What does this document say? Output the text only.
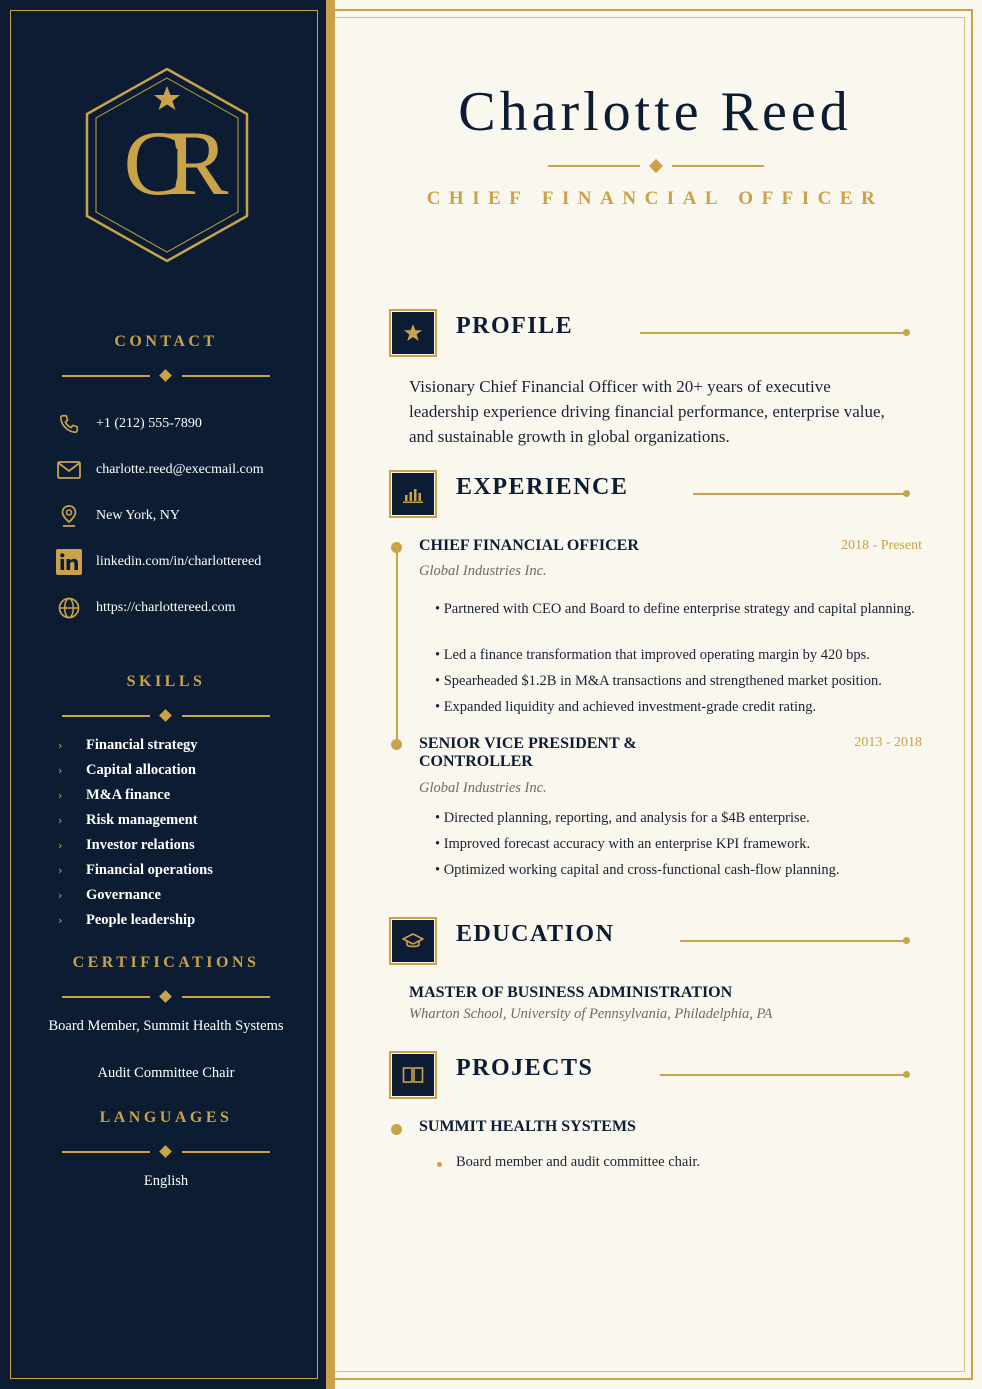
CR
CONTACT
+1 (212) 555-7890
charlotte.reed@execmail.com
New York, NY
linkedin.com/in/charlottereed
https://charlottereed.com
SKILLS
›	Financial strategy
›	Capital allocation
›	M&A finance
›	Risk management
›	Investor relations
›	Financial operations
›	Governance
›	People leadership
CERTIFICATIONS
Board Member, Summit Health Systems
Audit Committee Chair
LANGUAGES
English
Charlotte Reed
CHIEF FINANCIAL OFFICER
PROFILE
Visionary Chief Financial Officer with 20+ years of executive leadership experience driving financial performance, enterprise value, and sustainable growth in global organizations.
EXPERIENCE
CHIEF FINANCIAL OFFICER	2018 - Present
Global Industries Inc.
• Partnered with CEO and Board to define enterprise strategy and capital planning.
• Led a finance transformation that improved operating margin by 420 bps.
• Spearheaded $1.2B in M&A transactions and strengthened market position.
• Expanded liquidity and achieved investment-grade credit rating.
SENIOR VICE PRESIDENT & CONTROLLER
2013 - 2018
Global Industries Inc.
• Directed planning, reporting, and analysis for a $4B enterprise.
• Improved forecast accuracy with an enterprise KPI framework.
• Optimized working capital and cross-functional cash-flow planning.
EDUCATION
MASTER OF BUSINESS ADMINISTRATION
Wharton School, University of Pennsylvania, Philadelphia, PA
PROJECTS
SUMMIT HEALTH SYSTEMS
Board member and audit committee chair.
